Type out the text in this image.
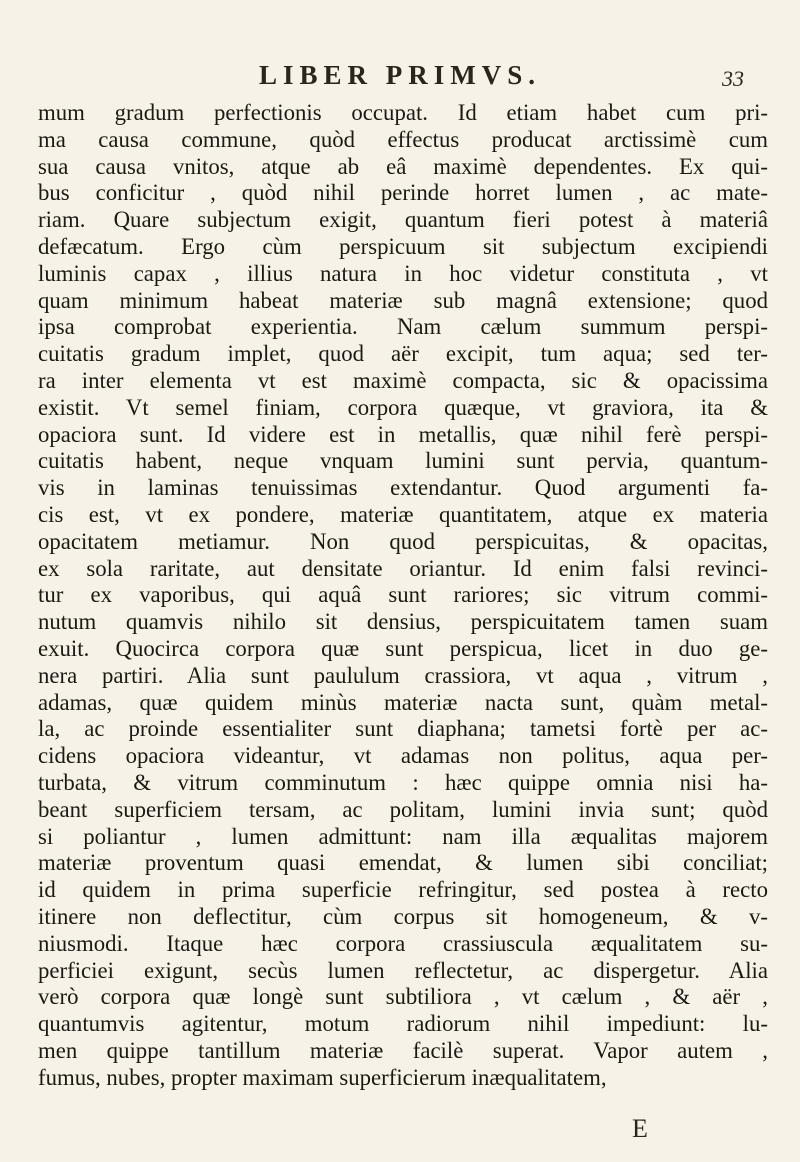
LIBER PRIMVS.	33
mum gradum perfectionis occupat. Id etiam habet cum pri-
ma causa commune, quòd effectus producat arctissimè cum
sua causa vnitos, atque ab eâ maximè dependentes. Ex qui-
bus conficitur , quòd nihil perinde horret lumen , ac mate-
riam. Quare subjectum exigit, quantum fieri potest à materiâ
defæcatum. Ergo cùm perspicuum sit subjectum excipiendi
luminis capax , illius natura in hoc videtur constituta , vt
quam minimum habeat materiæ sub magnâ extensione; quod
ipsa comprobat experientia. Nam cælum summum perspi-
cuitatis gradum implet, quod aër excipit, tum aqua; sed ter-
ra inter elementa vt est maximè compacta, sic & opacissima
existit. Vt semel finiam, corpora quæque, vt graviora, ita &
opaciora sunt. Id videre est in metallis, quæ nihil ferè perspi-
cuitatis habent, neque vnquam lumini sunt pervia, quantum-
vis in laminas tenuissimas extendantur. Quod argumenti fa-
cis est, vt ex pondere, materiæ quantitatem, atque ex materia
opacitatem metiamur. Non quod perspicuitas, & opacitas,
ex sola raritate, aut densitate oriantur. Id enim falsi revinci-
tur ex vaporibus, qui aquâ sunt rariores; sic vitrum commi-
nutum quamvis nihilo sit densius, perspicuitatem tamen suam
exuit. Quocirca corpora quæ sunt perspicua, licet in duo ge-
nera partiri. Alia sunt paululum crassiora, vt aqua , vitrum ,
adamas, quæ quidem minùs materiæ nacta sunt, quàm metal-
la, ac proinde essentialiter sunt diaphana; tametsi fortè per ac-
cidens opaciora videantur, vt adamas non politus, aqua per-
turbata, & vitrum comminutum : hæc quippe omnia nisi ha-
beant superficiem tersam, ac politam, lumini invia sunt; quòd
si poliantur , lumen admittunt: nam illa æqualitas majorem
materiæ proventum quasi emendat, & lumen sibi conciliat;
id quidem in prima superficie refringitur, sed postea à recto
itinere non deflectitur, cùm corpus sit homogeneum, & v-
niusmodi. Itaque hæc corpora crassiuscula æqualitatem su-
perficiei exigunt, secùs lumen reflectetur, ac dispergetur. Alia
verò corpora quæ longè sunt subtiliora , vt cælum , & aër ,
quantumvis agitentur, motum radiorum nihil impediunt: lu-
men quippe tantillum materiæ facilè superat. Vapor autem ,
fumus, nubes, propter maximam superficierum inæqualitatem,
E
